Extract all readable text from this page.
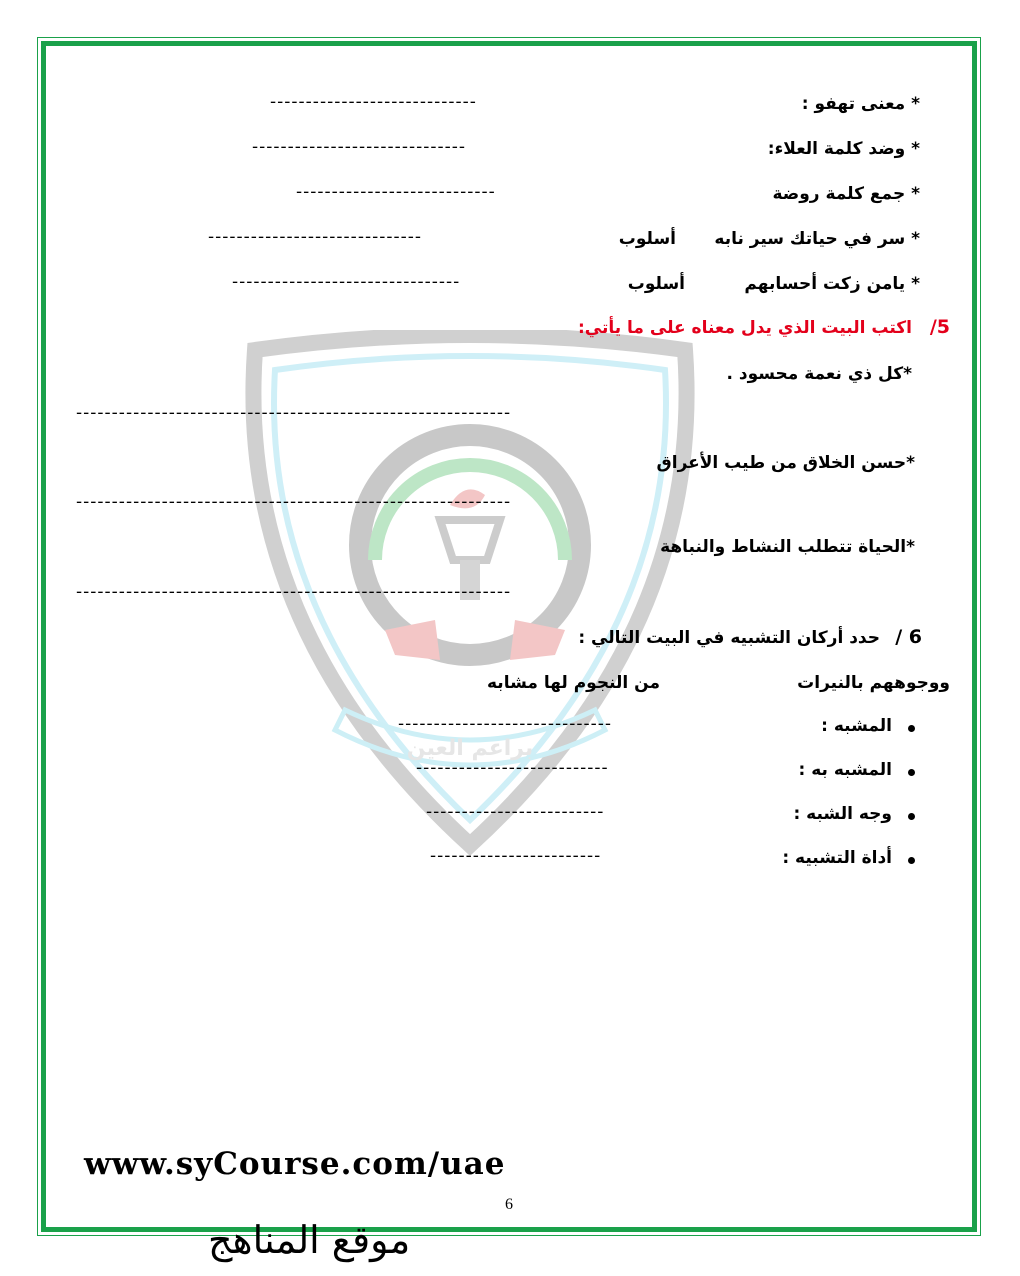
براعم العين
* معنى تهفو :
-----------------------------
* وضد كلمة العلاء:
------------------------------
* جمع كلمة روضة
----------------------------
* سر في حياتك سير نابه
أسلوب
------------------------------
* يامن زكت أحسابهم
أسلوب
--------------------------------
5/
اكتب البيت الذي يدل معناه على ما يأتي:
*كل ذي نعمة محسود .
-------------------------------------------------------------
*حسن الخلاق من طيب الأعراق
-------------------------------------------------------------
*الحياة تتطلب النشاط والنباهة
-------------------------------------------------------------
6 /
حدد أركان التشبيه في البيت التالي :
ووجوههم بالنيرات
من النجوم لها مشابه
المشبه :
------------------------------
المشبه به :
---------------------------
وجه الشبه :
-------------------------
أداة التشبيه :
------------------------
www.syCourse.com/uae
6
موقع المناهج
